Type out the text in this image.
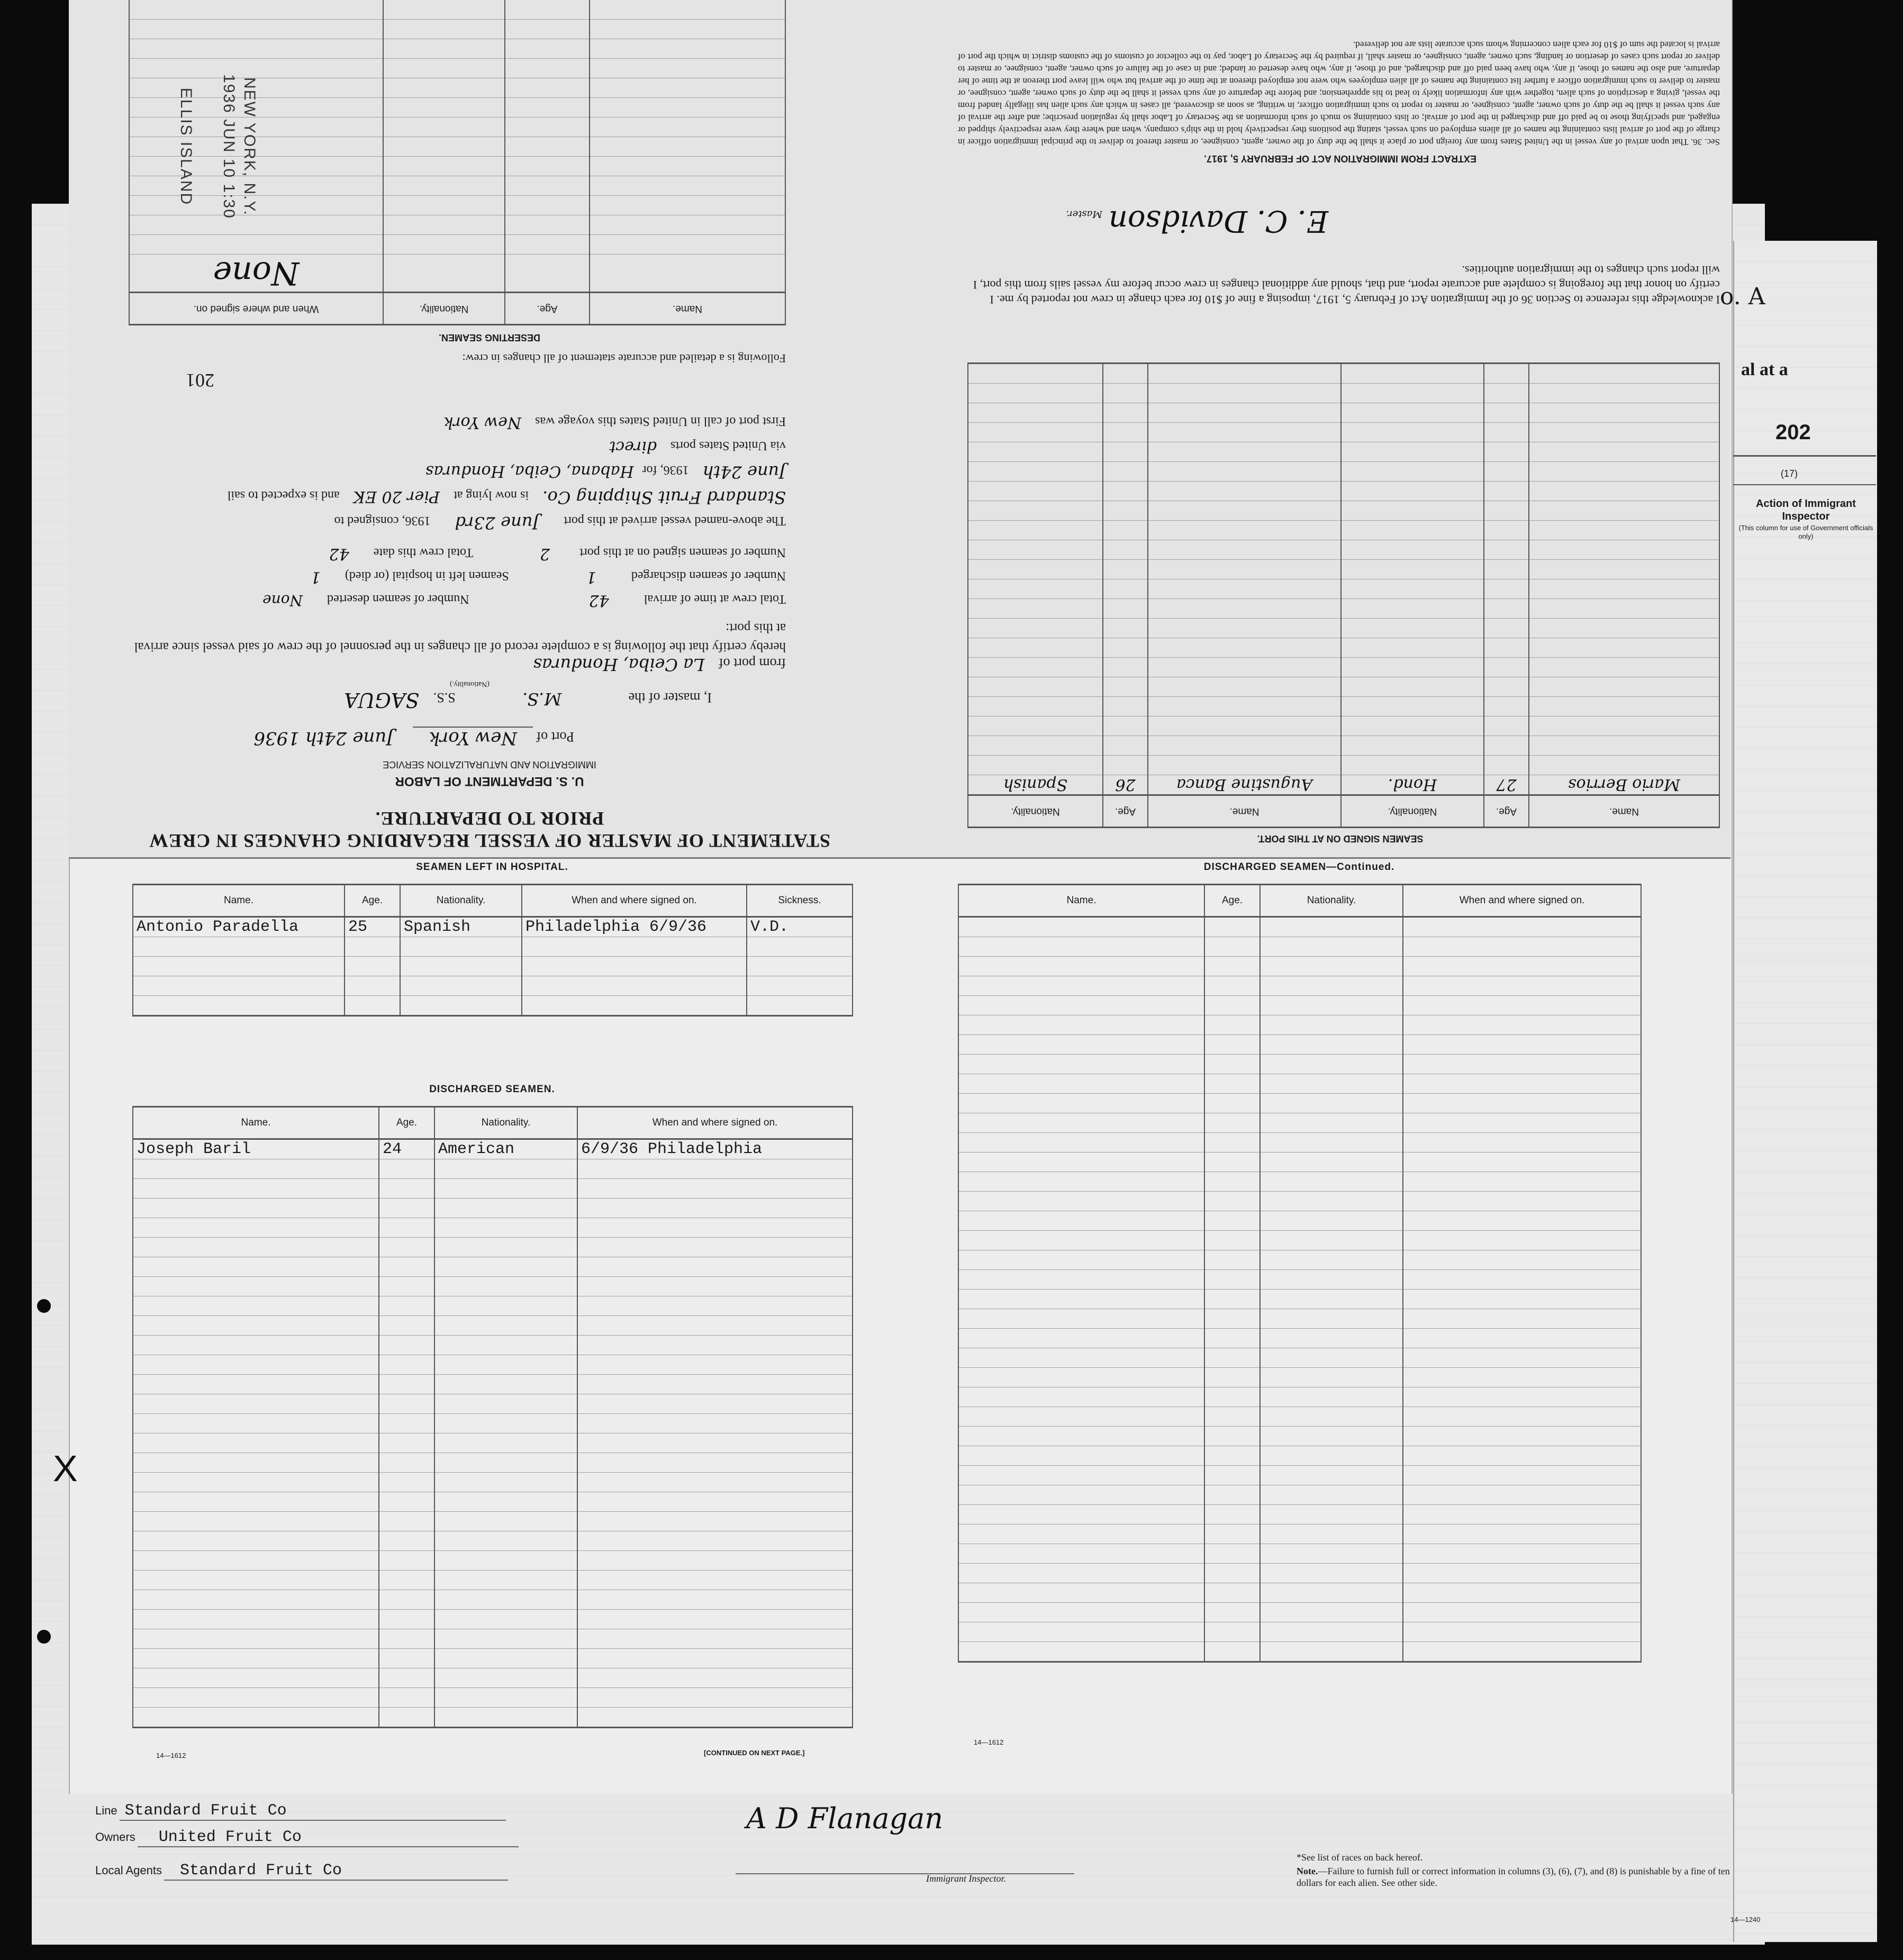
o. A
al at a
202
(17)
Action of Immigrant Inspector
(This column for use of Government officials only)
STATEMENT OF MASTER OF VESSEL REGARDING CHANGES IN CREW
PRIOR TO DEPARTURE.
U. S. DEPARTMENT OF LABOR
IMMIGRATION AND NATURALIZATION SERVICE
Port of New York June 24th 1936
I, master of the M.S. S.S. SAGUA
(Nationality.)
from port of La Ceiba, Honduras
hereby certify that the following is a complete record of all changes in the personnel of the crew of said vessel since arrival at this port:
Total crew at time of arrival 42 Number of seamen deserted None
Number of seamen discharged 1 Seamen left in hospital (or died) 1
Number of seamen signed on at this port 2 Total crew this date 42
The above-named vessel arrived at this port June 23rd 1936, consigned to
Standard Fruit Shipping Co. is now lying at Pier 20 EK and is expected to sail
June 24th 1936, for Habana, Ceiba, Honduras
via United States ports direct
First port of call in United States this voyage was New York
201
Following is a detailed and accurate statement of all changes in crew:
DESERTING SEAMEN.
Name.	Age.	Nationality.	When and where signed on.
			None

ELLIS ISLAND 1936 JUN 10 1:30 NEW YORK, N.Y.	EXTRACT FROM IMMIGRATION ACT OF FEBRUARY 5, 1917.
Sec. 36. That upon arrival of any vessel in the United States from any foreign port or place it shall be the duty of the owner, agent, consignee, or master thereof to deliver to the principal immigration officer in charge of the port of arrival lists containing the names of all aliens employed on such vessel, stating the positions they respectively hold in the ship's company, when and where they were respectively shipped or engaged, and specifying those to be paid off and discharged in the port of arrival; or lists containing so much of such information as the Secretary of Labor shall by regulation prescribe; and after the arrival of any such vessel it shall be the duty of such owner, agent, consignee, or master to report to such immigration officer, in writing, as soon as discovered, all cases in which any such alien has illegally landed from the vessel, giving a description of such alien, together with any information likely to lead to his apprehension; and before the departure of any such vessel it shall be the duty of such owner, agent, consignee, or master to deliver to such immigration officer a further list containing the names of all alien employees who were not employed thereon at the time of the arrival but who will leave port thereon at the time of her departure, and also the names of those, if any, who have been paid off and discharged, and of those, if any, who have deserted or landed; and in case of the failure of such owner, agent, consignee, or master to deliver or report such cases of desertion or landing, such owner, agent, consignee, or master shall, if required by the Secretary of Labor, pay to the collector of customs of the customs district in which the port of arrival is located the sum of $10 for each alien concerning whom such accurate lists are not delivered.
E. C. Davidson Master.
I acknowledge this reference to Section 36 of the Immigration Act of February 5, 1917, imposing a fine of $10 for each change in crew not reported by me. I certify on honor that the foregoing is complete and accurate report, and that, should any additional changes in crew occur before my vessel sails from this port, I will report such changes to the immigration authorities.
SEAMEN SIGNED ON AT THIS PORT.
Name.	Age.	Nationality.	Name.	Age.	Nationality.
Mario Berrios	27	Hond.	Augustine Banca	26	Spanish

SEAMEN LEFT IN HOSPITAL.
Name.	Age.	Nationality.	When and where signed on.	Sickness.
Antonio Paradella	25	Spanish	Philadelphia 6/9/36	V.D.

DISCHARGED SEAMEN.
Name.	Age.	Nationality.	When and where signed on.
Joseph Baril	24	American	6/9/36 Philadelphia

14—1612	[CONTINUED ON NEXT PAGE.]
DISCHARGED SEAMEN—Continued.
Name.	Age.	Nationality.	When and where signed on.

14—1612
Line Standard Fruit Co
Owners United Fruit Co
Local Agents Standard Fruit Co
A D Flanagan
Immigrant Inspector.
*See list of races on back hereof.
Note.—Failure to furnish full or correct information in columns (3), (6), (7), and (8) is punishable by a fine of ten dollars for each alien. See other side.
14—1240
X
